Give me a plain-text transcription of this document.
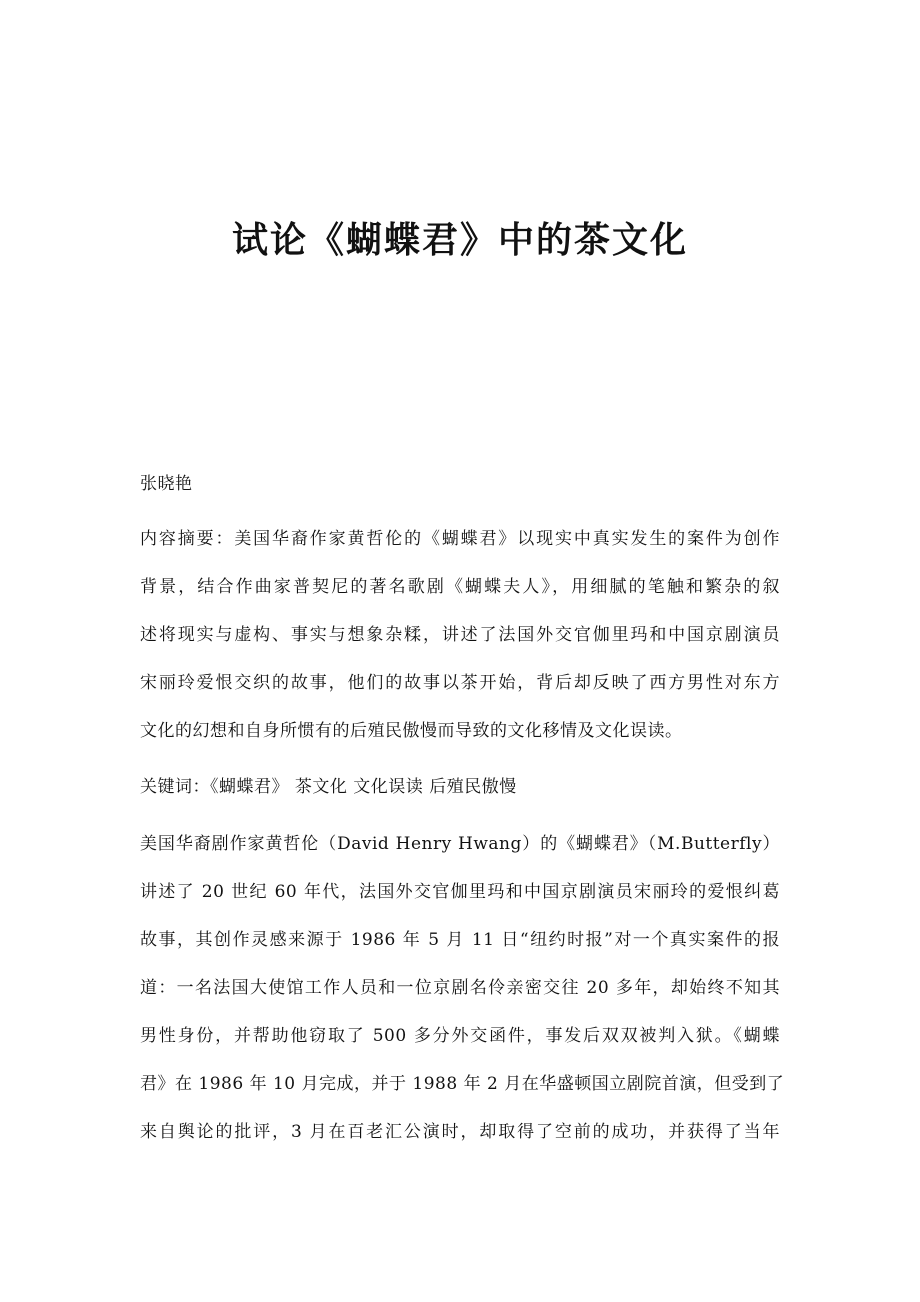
试论《蝴蝶君》中的茶文化
张晓艳
内容摘要：美国华裔作家黄哲伦的《蝴蝶君》以现实中真实发生的案件为创作
背景，结合作曲家普契尼的著名歌剧《蝴蝶夫人》，用细腻的笔触和繁杂的叙
述将现实与虚构、事实与想象杂糅，讲述了法国外交官伽里玛和中国京剧演员
宋丽玲爱恨交织的故事，他们的故事以茶开始，背后却反映了西方男性对东方
文化的幻想和自身所惯有的后殖民傲慢而导致的文化移情及文化误读。
关键词：《蝴蝶君》 茶文化 文化误读 后殖民傲慢
美国华裔剧作家黄哲伦（David Henry Hwang）的《蝴蝶君》（M.Butterfly）
讲述了 20 世纪 60 年代，法国外交官伽里玛和中国京剧演员宋丽玲的爱恨纠葛
故事，其创作灵感来源于 1986 年 5 月 11 日“纽约时报”对一个真实案件的报
道：一名法国大使馆工作人员和一位京剧名伶亲密交往 20 多年，却始终不知其
男性身份，并帮助他窃取了 500 多分外交函件，事发后双双被判入狱。《蝴蝶
君》在 1986 年 10 月完成，并于 1988 年 2 月在华盛顿国立剧院首演，但受到了
来自舆论的批评，3 月在百老汇公演时，却取得了空前的成功，并获得了当年
